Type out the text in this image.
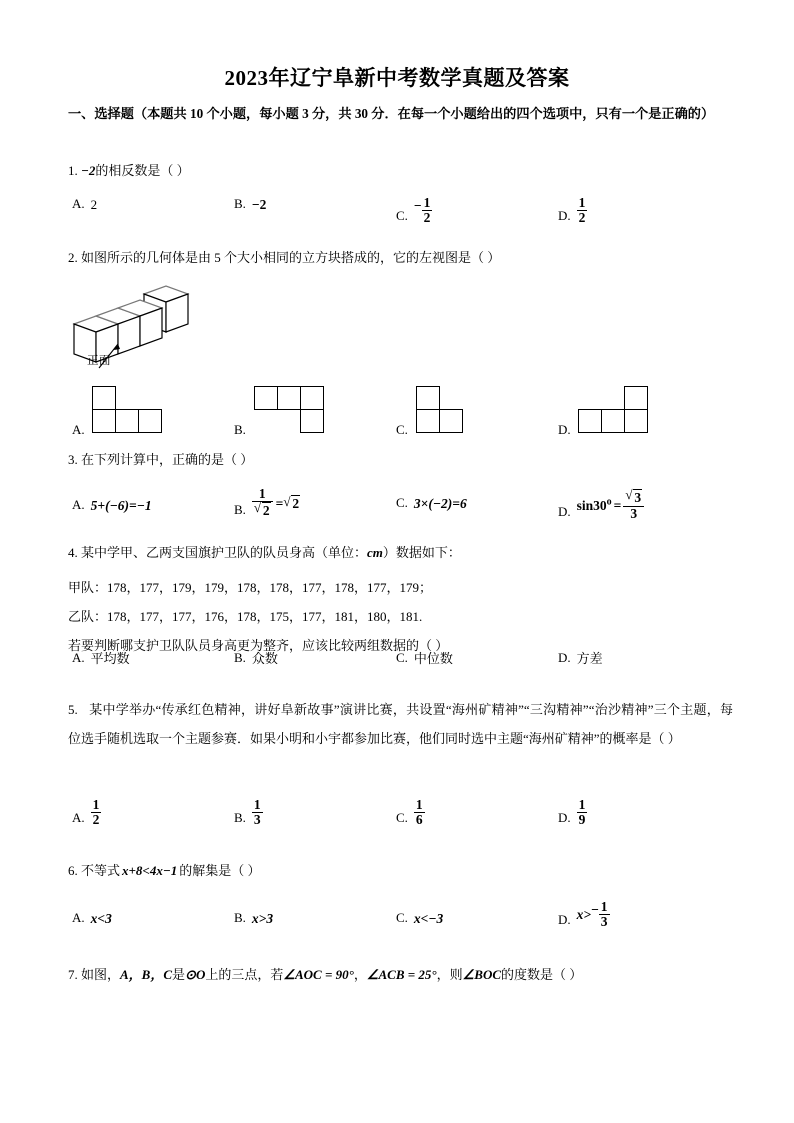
2023年辽宁阜新中考数学真题及答案
一、选择题（本题共 10 个小题，每小题 3 分，共 30 分．在每一个小题给出的四个选项中，只有一个是正确的）
1. −2的相反数是（ ）
A. 2	B. −2
$C.- \frac{1}{2}$	D. $\frac{1}{2}$
2. 如图所示的几何体是由 5 个大小相同的立方块搭成的，它的左视图是（ ）
正面
A.	B.	C.	D.
3. 在下列计算中，正确的是（ ）
A. 5+(−6)=−1	B. 1
√ 2 = √ 2	C. 3×(−2)=6
D. $\sin 30^o$ = √ $\frac{3}{3}$
4. 某中学甲、乙两支国旗护卫队的队员身高（单位：cm）数据如下：
甲队：178，177，179，179，178，178，177，178，177，179；
乙队：178，177，177，176，178，175，177，181，180，181.
若要判断哪支护卫队队员身高更为整齐，应该比较两组数据的（ ）
A. 平均数	B. 众数	C. 中位数	D. 方差
5. 某中学举办“传承红色精神，讲好阜新故事”演讲比赛，共设置“海州矿精神”“三沟精神”“治沙精神”三个主题，每位选手随机选取一个主题参赛．如果小明和小宇都参加比赛，他们同时选中主题“海州矿精神”的概率是（ ）
A. $\frac{1}{2}$	B. $\frac{1}{3}$	C. $\frac{1}{6}$	D. $\frac{1}{9}$
6. 不等式 x+8<4x−1 的解集是（ ）
A. x<3	B. x>3	C. x<−3	D. $x>- \frac{1}{3}$
7. 如图，A，B，C是⊙O上的三点，若∠AOC = 90°，∠ACB = 25°，则∠BOC的度数是（ ）
